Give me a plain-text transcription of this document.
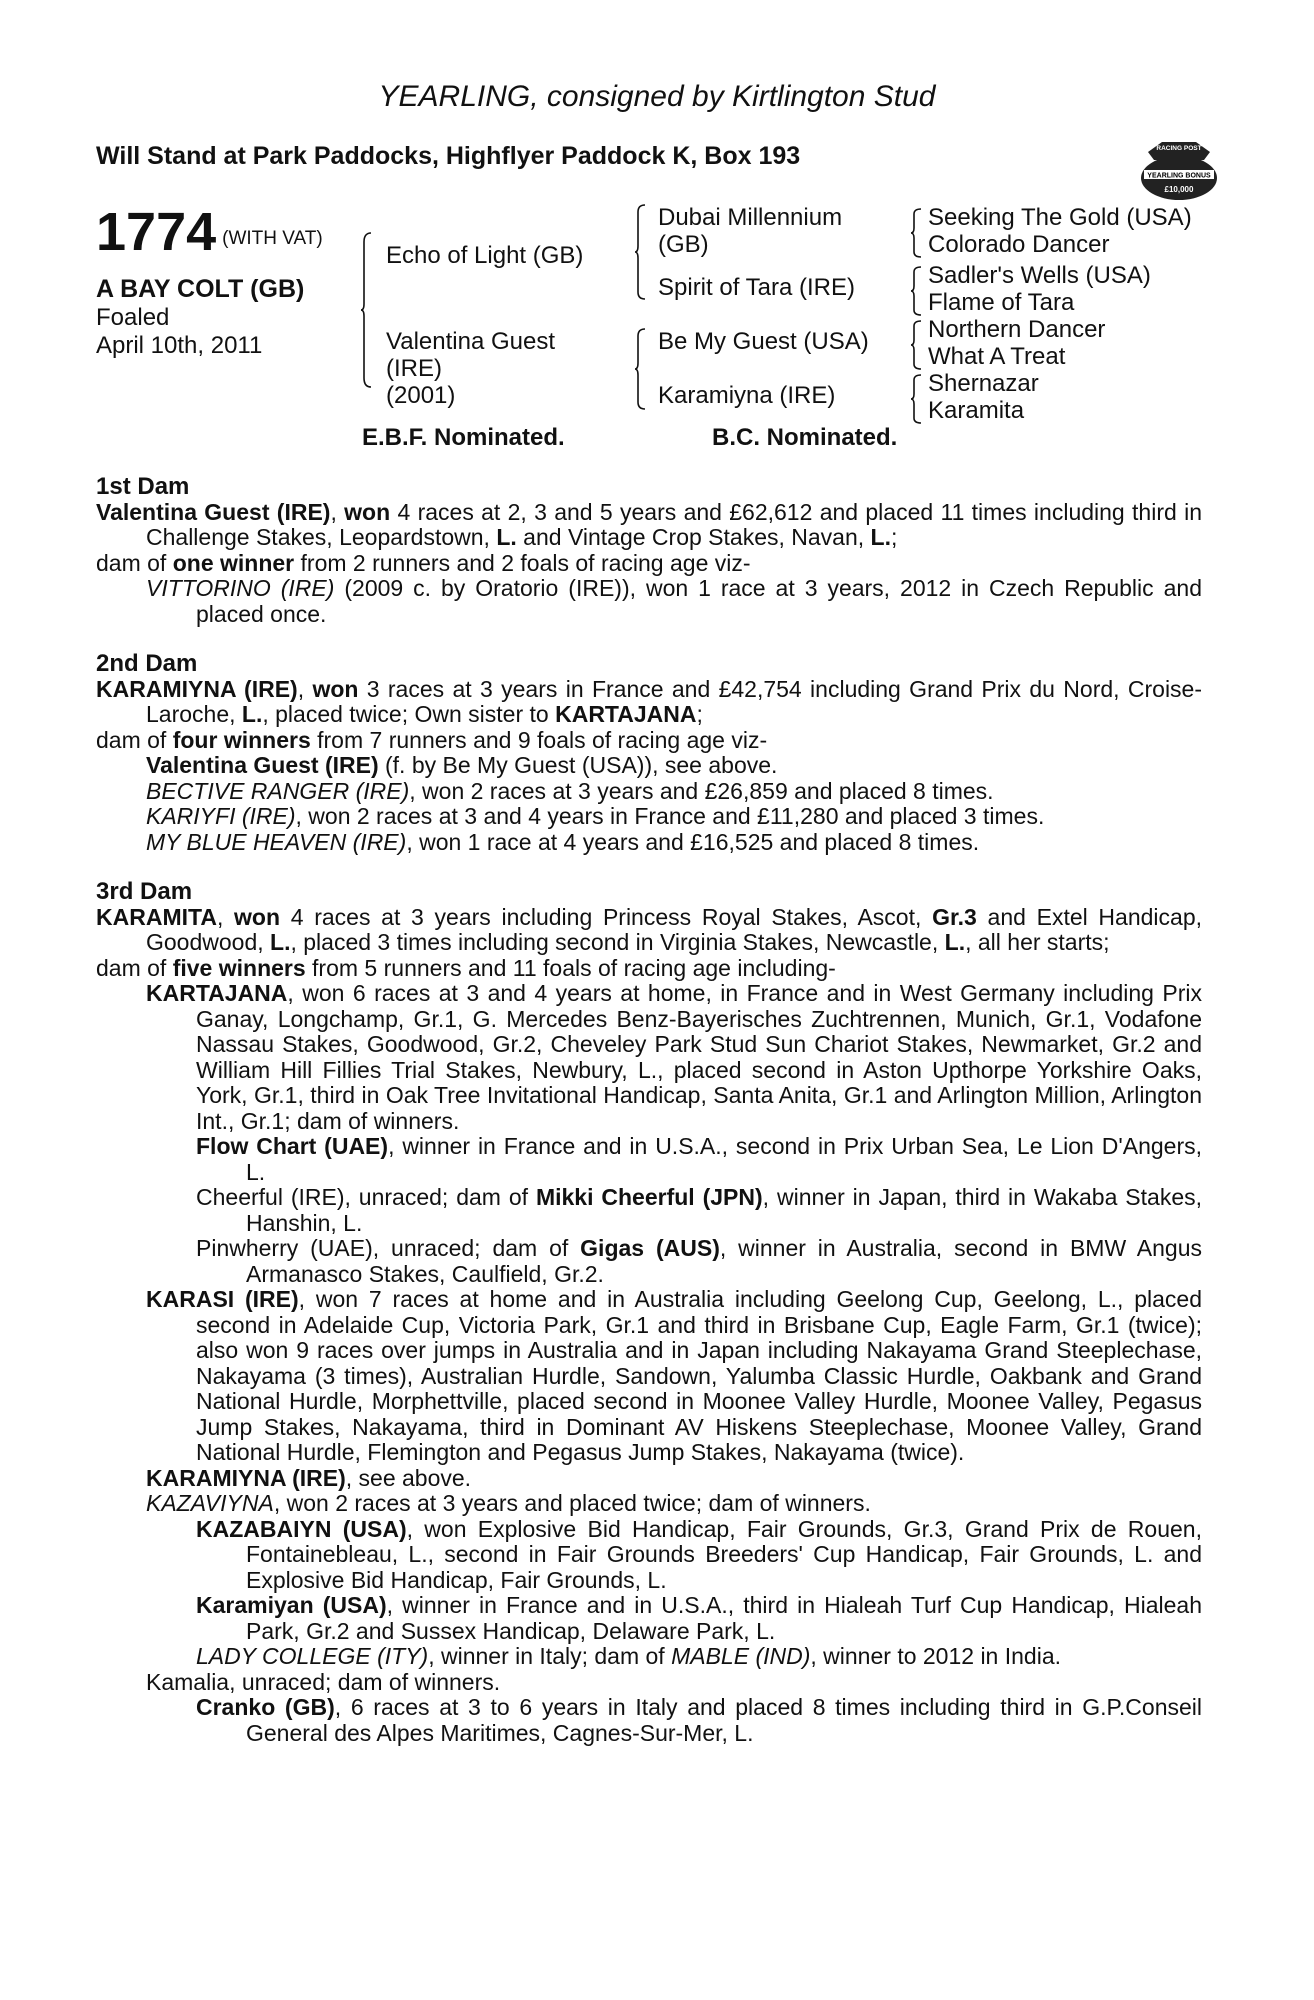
YEARLING, consigned by Kirtlington Stud
Will Stand at Park Paddocks, Highflyer Paddock K, Box 193	RACING POST
YEARLING BONUS
£10,000
1774 (WITH VAT)
A BAY COLT (GB)
Foaled
April 10th, 2011
Echo of Light (GB)
Valentina Guest
(IRE)
(2001)
Dubai Millennium
(GB)
Spirit of Tara (IRE)
Be My Guest (USA)
Karamiyna (IRE)
Seeking The Gold (USA)
Colorado Dancer
Sadler's Wells (USA)
Flame of Tara
Northern Dancer
What A Treat
Shernazar
Karamita
E.B.F. Nominated.	B.C. Nominated.
1st Dam
Valentina Guest (IRE), won 4 races at 2, 3 and 5 years and £62,612 and placed 11 times including third in Challenge Stakes, Leopardstown, L. and Vintage Crop Stakes, Navan, L.;
dam of one winner from 2 runners and 2 foals of racing age viz-
VITTORINO (IRE) (2009 c. by Oratorio (IRE)), won 1 race at 3 years, 2012 in Czech Republic and placed once.
2nd Dam
KARAMIYNA (IRE), won 3 races at 3 years in France and £42,754 including Grand Prix du Nord, Croise-Laroche, L., placed twice; Own sister to KARTAJANA;
dam of four winners from 7 runners and 9 foals of racing age viz-
Valentina Guest (IRE) (f. by Be My Guest (USA)), see above.
BECTIVE RANGER (IRE), won 2 races at 3 years and £26,859 and placed 8 times.
KARIYFI (IRE), won 2 races at 3 and 4 years in France and £11,280 and placed 3 times.
MY BLUE HEAVEN (IRE), won 1 race at 4 years and £16,525 and placed 8 times.
3rd Dam
KARAMITA, won 4 races at 3 years including Princess Royal Stakes, Ascot, Gr.3 and Extel Handicap, Goodwood, L., placed 3 times including second in Virginia Stakes, Newcastle, L., all her starts;
dam of five winners from 5 runners and 11 foals of racing age including-
KARTAJANA, won 6 races at 3 and 4 years at home, in France and in West Germany including Prix Ganay, Longchamp, Gr.1, G. Mercedes Benz-Bayerisches Zuchtrennen, Munich, Gr.1, Vodafone Nassau Stakes, Goodwood, Gr.2, Cheveley Park Stud Sun Chariot Stakes, Newmarket, Gr.2 and William Hill Fillies Trial Stakes, Newbury, L., placed second in Aston Upthorpe Yorkshire Oaks, York, Gr.1, third in Oak Tree Invitational Handicap, Santa Anita, Gr.1 and Arlington Million, Arlington Int., Gr.1; dam of winners.
Flow Chart (UAE), winner in France and in U.S.A., second in Prix Urban Sea, Le Lion D'Angers, L.
Cheerful (IRE), unraced; dam of Mikki Cheerful (JPN), winner in Japan, third in Wakaba Stakes, Hanshin, L.
Pinwherry (UAE), unraced; dam of Gigas (AUS), winner in Australia, second in BMW Angus Armanasco Stakes, Caulfield, Gr.2.
KARASI (IRE), won 7 races at home and in Australia including Geelong Cup, Geelong, L., placed second in Adelaide Cup, Victoria Park, Gr.1 and third in Brisbane Cup, Eagle Farm, Gr.1 (twice); also won 9 races over jumps in Australia and in Japan including Nakayama Grand Steeplechase, Nakayama (3 times), Australian Hurdle, Sandown, Yalumba Classic Hurdle, Oakbank and Grand National Hurdle, Morphettville, placed second in Moonee Valley Hurdle, Moonee Valley, Pegasus Jump Stakes, Nakayama, third in Dominant AV Hiskens Steeplechase, Moonee Valley, Grand National Hurdle, Flemington and Pegasus Jump Stakes, Nakayama (twice).
KARAMIYNA (IRE), see above.
KAZAVIYNA, won 2 races at 3 years and placed twice; dam of winners.
KAZABAIYN (USA), won Explosive Bid Handicap, Fair Grounds, Gr.3, Grand Prix de Rouen, Fontainebleau, L., second in Fair Grounds Breeders' Cup Handicap, Fair Grounds, L. and Explosive Bid Handicap, Fair Grounds, L.
Karamiyan (USA), winner in France and in U.S.A., third in Hialeah Turf Cup Handicap, Hialeah Park, Gr.2 and Sussex Handicap, Delaware Park, L.
LADY COLLEGE (ITY), winner in Italy; dam of MABLE (IND), winner to 2012 in India.
Kamalia, unraced; dam of winners.
Cranko (GB), 6 races at 3 to 6 years in Italy and placed 8 times including third in G.P.Conseil General des Alpes Maritimes, Cagnes-Sur-Mer, L.
